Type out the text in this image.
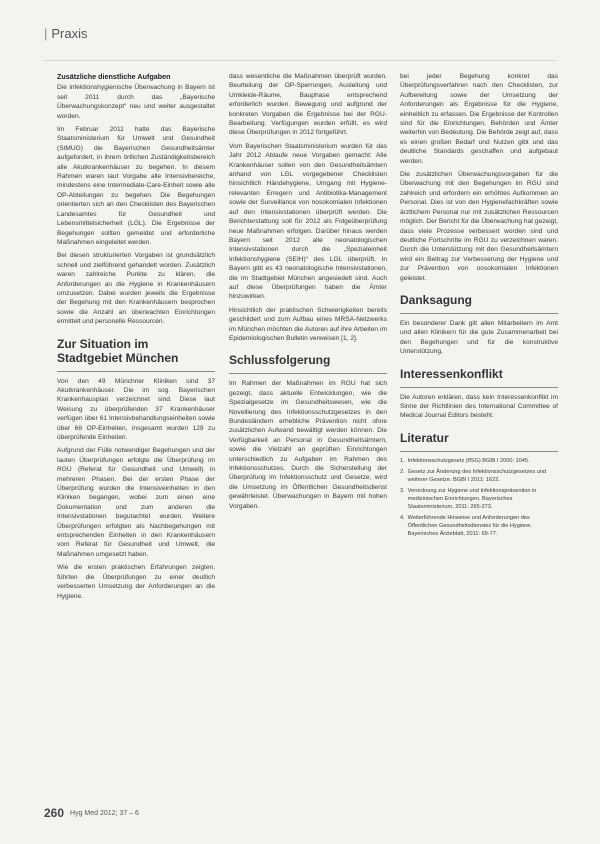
| Praxis
Zusätzliche dienstliche Aufgaben

Die infektionshygienische Überwachung in Bayern ist seit 2011 durch das „Bayerische Überwachungskonzept“ neu und weiter ausgestaltet worden.

Im Februar 2011 hatte das Bayerische Staatsministerium für Umwelt und Gesundheit (StMUG) die Bayerischen Gesundheitsämter aufgefordert, in ihrem örtlichen Zuständigkeitsbereich alle Akutkrankenhäuser zu begehen. In diesem Rahmen waren laut Vorgabe alle Intensivbereiche, mindestens eine Intermediate-Care-Einheit sowie alle OP-Abteilungen zu begehen. Die Begehungen orientierten sich an den Checklisten des Bayerischen Landesamtes für Gesundheit und Lebensmittelsicherheit (LGL). Die Ergebnisse der Begehungen sollten gemeldet und erforderliche Maßnahmen eingeleitet werden.

Bei diesen strukturierten Vorgaben ist grundsätzlich schnell und zielführend gehandelt worden. Zusätzlich waren zahlreiche Punkte zu klären, die Anforderungen an die Hygiene in Krankenhäusern umzusetzen. Dabei wurden jeweils die Ergebnisse der Begehung mit den Krankenhäusern besprochen sowie die Anzahl an überwachten Einrichtungen ermittelt und personelle Ressourcen.

Zur Situation im Stadtgebiet München

Von den 49 Münchner Kliniken sind 37 Akutkrankenhäuser. Die im sog. Bayerischen Krankenhausplan verzeichnet sind. Diese laut Weisung zu überprüfenden 37 Krankenhäuser verfügen über 61 Intensivbehandlungseinheiten sowie über 68 OP-Einheiten, insgesamt wurden 129 zu überprüfende Einheiten.

Aufgrund der Fülle notwendiger Begehungen und der lauten Überprüfungen erfolgte die Überprüfung im RGU (Referat für Gesundheit und Umwelt) in mehreren Phasen. Bei der ersten Phase der Überprüfung wurden die Intensiveinheiten in den Kliniken begangen, wobei zum einen eine Dokumentation und zum anderen die Intensivstationen begutachtet wurden. Weitere Überprüfungen erfolgten als Nachbegehungen mit entsprechenden Einheiten in den Krankenhäusern vom Referat für Gesundheit und Umwelt, die Maßnahmen umgesetzt haben.

Wie die ersten praktischen Erfahrungen zeigten, führten die Überprüfungen zu einer deutlich verbesserten Umsetzung der Anforderungen an die Hygiene.

dass wesentliche die Maßnahmen überprüft wurden. Beurteilung der OP-Sperrungen, Ausleitung und Umkleide-Räume, Bauphase entsprechend erforderlich wurden. Bewegung und aufgrund der konkreten Vorgaben die Ergebnisse bei der RGU-Bearbeitung. Verfügungen wurden erfüllt, es wird diese Überprüfungen in 2012 fortgeführt.

Vom Bayerischen Staatsministerium wurden für das Jahr 2012 Ablaufe neue Vorgaben gemacht: Alle Krankenhäuser sollen von den Gesundheitsämtern anhand von LGL vorgegebener Checklisten hinsichtlich Händehygiene, Umgang mit Hygiene-relevanten Erregern und Antibiotika-Management sowie der Surveillance von nosokomialen Infektionen auf den Intensivstationen überprüft werden. Die Berichterstattung soll für 2012 als Folgeüberprüfung neue Maßnahmen erfolgen. Darüber hinaus werden Bayern seit 2012 alle neonatologischen Intensivstationen durch die „Spezialeinheit Infektionshygiene (SEIH)“ des LGL überprüft. In Bayern gibt es 43 neonatologische Intensivstationen, die im Stadtgebiet München angesiedelt sind. Auch auf diese Überprüfungen haben die Ämter hinzuwirken.

Hinsichtlich der praktischen Schwierigkeiten bereits geschildert und zum Aufbau eines MRSA-Netzwerks im München möchten die Autoren auf ihre Arbeiten im Epidemiologischen Bulletin verweisen [1, 2].

Schlussfolgerung

Im Rahmen der Maßnahmen im RGU hat sich gezeigt, dass aktuelle Entwicklungen, wie die Spezialgesetze im Gesundheitswesen, wie die Novellierung des Infektionsschutzgesetzes in den Bundesländern erhebliche Prävention nicht ohne zusätzlichen Aufwand bewältigt werden können. Die Verfügbarkeit an Personal in Gesundheitsämtern, sowie die Vielzahl an geprüften Einrichtungen unterschiedlich zu Aufgaben im Rahmen des Infektionsschutzes. Durch die Sicherstellung der Überprüfung im Infektionsschutz und Gesetze, wird die Umsetzung im Öffentlichen Gesundheitsdienst gewährleistet. Überwachungen in Bayern mit hohen Vorgaben.

bei jeder Begehung konkret das Überprüfungsverfahren nach den Checklisten, zur Aufbereitung sowie der Umsetzung der Anforderungen als Ergebnisse für die Hygiene, einheitlich zu erfassen. Die Ergebnisse der Kontrollen sind für die Einrichtungen, Behörden und Ämter weiterhin von Bedeutung. Die Behörde zeigt auf, dass es einen großen Bedarf und Nutzen gibt und das deutliche Standards geschaffen und aufgebaut werden.

Die zusätzlichen Überwachungsvorgaben für die Überwachung mit den Begehungen im RGU sind zahlreich und erfordern ein erhöhtes Aufkommen an Personal. Dies ist von den Hygienefachkräften sowie ärztlichem Personal nur mit zusätzlichen Ressourcen möglich. Der Bericht für die Überwachung hat gezeigt, dass viele Prozesse verbessert worden sind und deutliche Fortschritte im RGU zu verzeichnen waren. Durch die Unterstützung mit den Gesundheitsämtern wird ein Beitrag zur Verbesserung der Hygiene und zur Prävention von nosokomialen Infektionen geleistet.

Danksagung

Ein besonderer Dank gilt allen Mitarbeitern im Amt und allen Klinikern für die gute Zusammenarbeit bei den Begehungen und für die konstruktive Unterstützung.

Interessenkonflikt

Die Autoren erklären, dass kein Interessenkonflikt im Sinne der Richtlinien des International Committee of Medical Journal Editors besteht.

Literatur
1. Infektionsschutzgesetz (IfSG) BGBl I 2000: 1045.
2. Gesetz zur Änderung des Infektionsschutzgesetzes und weiterer Gesetze. BGBl I 2011: 1622.
3. Verordnung zur Hygiene und Infektionsprävention in medizinischen Einrichtungen. Bayerisches Staatsministerium, 2011: 265-273.
4. Weiterführende Hinweise und Anforderungen des Öffentlichen Gesundheitsdienstes für die Hygiene. Bayerisches Ärzteblatt, 2011: 69-77.
260 Hyg Med 2012; 37 – 6
